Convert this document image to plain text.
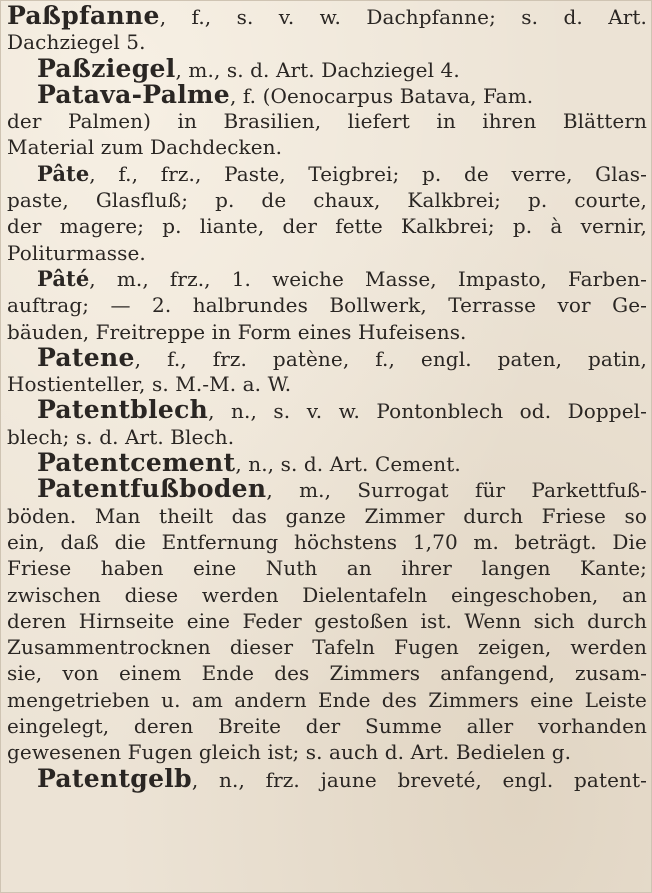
Paßpfanne, f., s. v. w. Dachpfanne; s. d. Art.
Dachziegel 5.
Paßziegel, m., s. d. Art. Dachziegel 4.
Patava-Palme, f. (Oenocarpus Batava, Fam.
der Palmen) in Brasilien, liefert in ihren Blättern
Material zum Dachdecken.
Pâte, f., frz., Paste, Teigbrei; p. de verre, Glas-
paste, Glasfluß; p. de chaux, Kalkbrei; p. courte,
der magere; p. liante, der fette Kalkbrei; p. à vernir,
Politurmasse.
Pâté, m., frz., 1. weiche Masse, Impasto, Farben-
auftrag; — 2. halbrundes Bollwerk, Terrasse vor Ge-
bäuden, Freitreppe in Form eines Hufeisens.
Patene, f., frz. patène, f., engl. paten, patin,
Hostienteller, s. M.-M. a. W.
Patentblech, n., s. v. w. Pontonblech od. Doppel-
blech; s. d. Art. Blech.
Patentcement, n., s. d. Art. Cement.
Patentfußboden, m., Surrogat für Parkettfuß-
böden. Man theilt das ganze Zimmer durch Friese so
ein, daß die Entfernung höchstens 1,70 m. beträgt. Die
Friese haben eine Nuth an ihrer langen Kante;
zwischen diese werden Dielentafeln eingeschoben, an
deren Hirnseite eine Feder gestoßen ist. Wenn sich durch
Zusammentrocknen dieser Tafeln Fugen zeigen, werden
sie, von einem Ende des Zimmers anfangend, zusam-
mengetrieben u. am andern Ende des Zimmers eine Leiste
eingelegt, deren Breite der Summe aller vorhanden
gewesenen Fugen gleich ist; s. auch d. Art. Bedielen g.
Patentgelb, n., frz. jaune breveté, engl. patent-
